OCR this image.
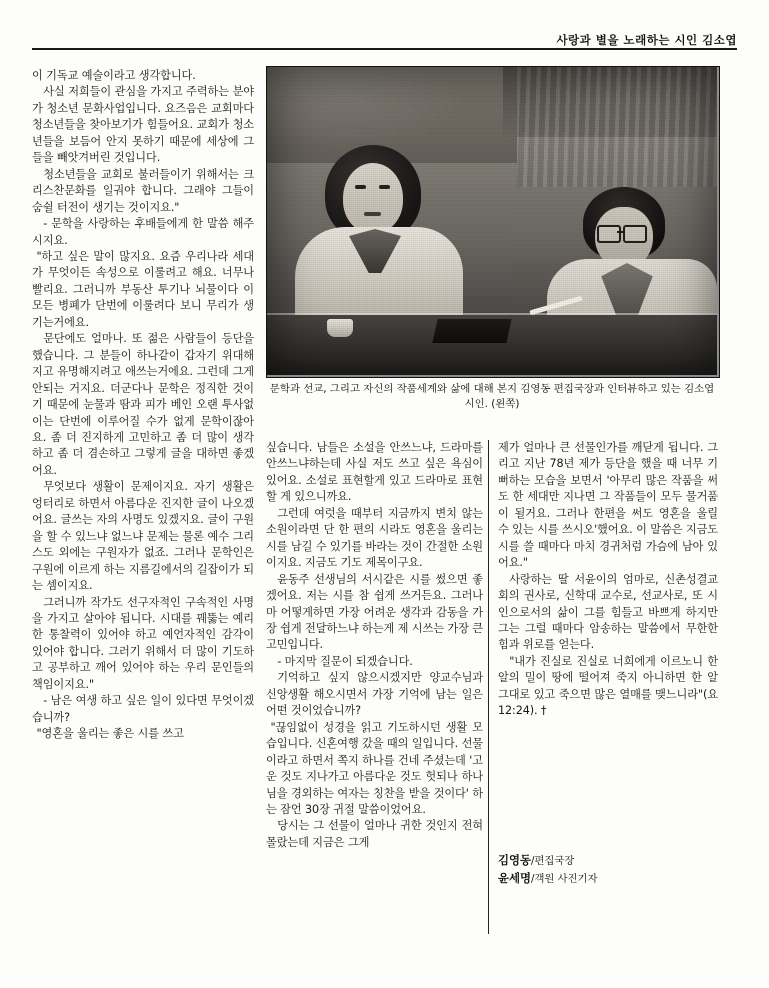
사랑과 별을 노래하는 시인 김소엽
문학과 선교, 그리고 자신의 작품세계와 삶에 대해 본지 김영동 편집국장과 인터뷰하고 있는 김소엽 시인. (왼쪽)

이 기독교 예술이라고 생각합니다.

사실 저희들이 관심을 가지고 주력하는 분야가 청소년 문화사업입니다. 요즈음은 교회마다 청소년들을 찾아보기가 힘들어요. 교회가 청소년들을 보듬어 안지 못하기 때문에 세상에 그들을 빼앗겨버린 것입니다.

청소년들을 교회로 불러들이기 위해서는 크리스찬문화를 일궈야 합니다. 그래야 그들이 숨쉴 터전이 생기는 것이지요."

- 문학을 사랑하는 후배들에게 한 말씀 해주시지요.

"하고 싶은 말이 많지요. 요즘 우리나라 세대가 무엇이든 속성으로 이룰려고 해요. 너무나 빨리요. 그러니까 부동산 투기나 뇌물이다 이 모든 병폐가 단번에 이룰려다 보니 무리가 생기는거에요.

문단에도 얼마나. 또 젊은 사람들이 등단을 했습니다. 그 분들이 하나같이 갑자기 위대해지고 유명해지려고 애쓰는거에요. 그런데 그게 안되는 거지요. 더군다나 문학은 정직한 것이기 때문에 눈물과 땀과 피가 베인 오랜 투사없이는 단번에 이루어질 수가 없게 문학이잖아요. 좀 더 진지하게 고민하고 좀 더 많이 생각하고 좀 더 겸손하고 그렇게 글을 대하면 좋겠어요.

무엇보다 생활이 문제이지요. 자기 생활은 엉터리로 하면서 아름다운 진지한 글이 나오겠어요. 글쓰는 자의 사명도 있겠지요. 글이 구원을 할 수 있느냐 없느냐 문제는 물론 예수 그리스도 외에는 구원자가 없죠. 그러나 문학인은 구원에 이르게 하는 지름길에서의 길잡이가 되는 셈이지요.

그러니까 작가도 선구자적인 구속적인 사명을 가지고 살아야 됩니다. 시대를 꿰뚫는 예리한 통찰력이 있어야 하고 예언자적인 감각이 있어야 합니다. 그러기 위해서 더 많이 기도하고 공부하고 깨어 있어야 하는 우리 문인들의 책임이지요."

- 남은 여생 하고 싶은 일이 있다면 무엇이겠습니까?

"영혼을 울리는 좋은 시를 쓰고

싶습니다. 남들은 소설을 안쓰느냐, 드라마를 안쓰느냐하는데 사실 저도 쓰고 싶은 욕심이 있어요. 소설로 표현할게 있고 드라마로 표현할 게 있으니까요.

그런데 여럿을 때부터 지금까지 변치 않는 소원이라면 단 한 편의 시라도 영혼을 울리는 시를 남길 수 있기를 바라는 것이 간절한 소원이지요. 지금도 기도 제목이구요.

윤동주 선생님의 서시같은 시를 썼으면 좋겠어요. 저는 시를 참 쉽게 쓰거든요. 그러나마 어떻게하면 가장 어려운 생각과 감동을 가장 쉽게 전달하느냐 하는게 제 시쓰는 가장 큰 고민입니다.

- 마지막 질문이 되겠습니다.

기억하고 싶지 않으시겠지만 양교수님과 신앙생활 해오시면서 가장 기억에 남는 일은 어떤 것이었습니까?

"끊임없이 성경을 읽고 기도하시던 생활 모습입니다. 신혼여행 갔을 때의 일입니다. 선물이라고 하면서 쪽지 하나를 건네 주셨는데 '고운 것도 지나가고 아름다운 것도 헛되나 하나님을 경외하는 여자는 칭찬을 받을 것이다' 하는 잠언 30장 귀절 말씀이었어요.

당시는 그 선물이 얼마나 귀한 것인지 전혀 몰랐는데 지금은 그게

제가 얼마나 큰 선물인가를 깨닫게 됩니다. 그리고 지난 78년 제가 등단을 했을 때 너무 기뻐하는 모습을 보면서 '아무리 많은 작품을 써도 한 세대만 지나면 그 작품들이 모두 물거품이 될거요. 그러나 한편을 써도 영혼을 울릴 수 있는 시를 쓰시오'했어요. 이 말씀은 지금도 시를 쓸 때마다 마치 경귀처럼 가슴에 남아 있어요."

사랑하는 딸 서윤이의 엄마로, 신촌성결교회의 권사로, 신학대 교수로, 선교사로, 또 시인으로서의 삶이 그를 힘들고 바쁘게 하지만 그는 그럴 때마다 암송하는 말씀에서 무한한 힘과 위로를 얻는다.

"내가 진실로 진실로 너희에게 이르노니 한 알의 밀이 땅에 떨어져 죽지 아니하면 한 알 그대로 있고 죽으면 많은 열매를 맺느니라"(요12:24). †

김영동/편집국장
윤세명/객원 사진기자
